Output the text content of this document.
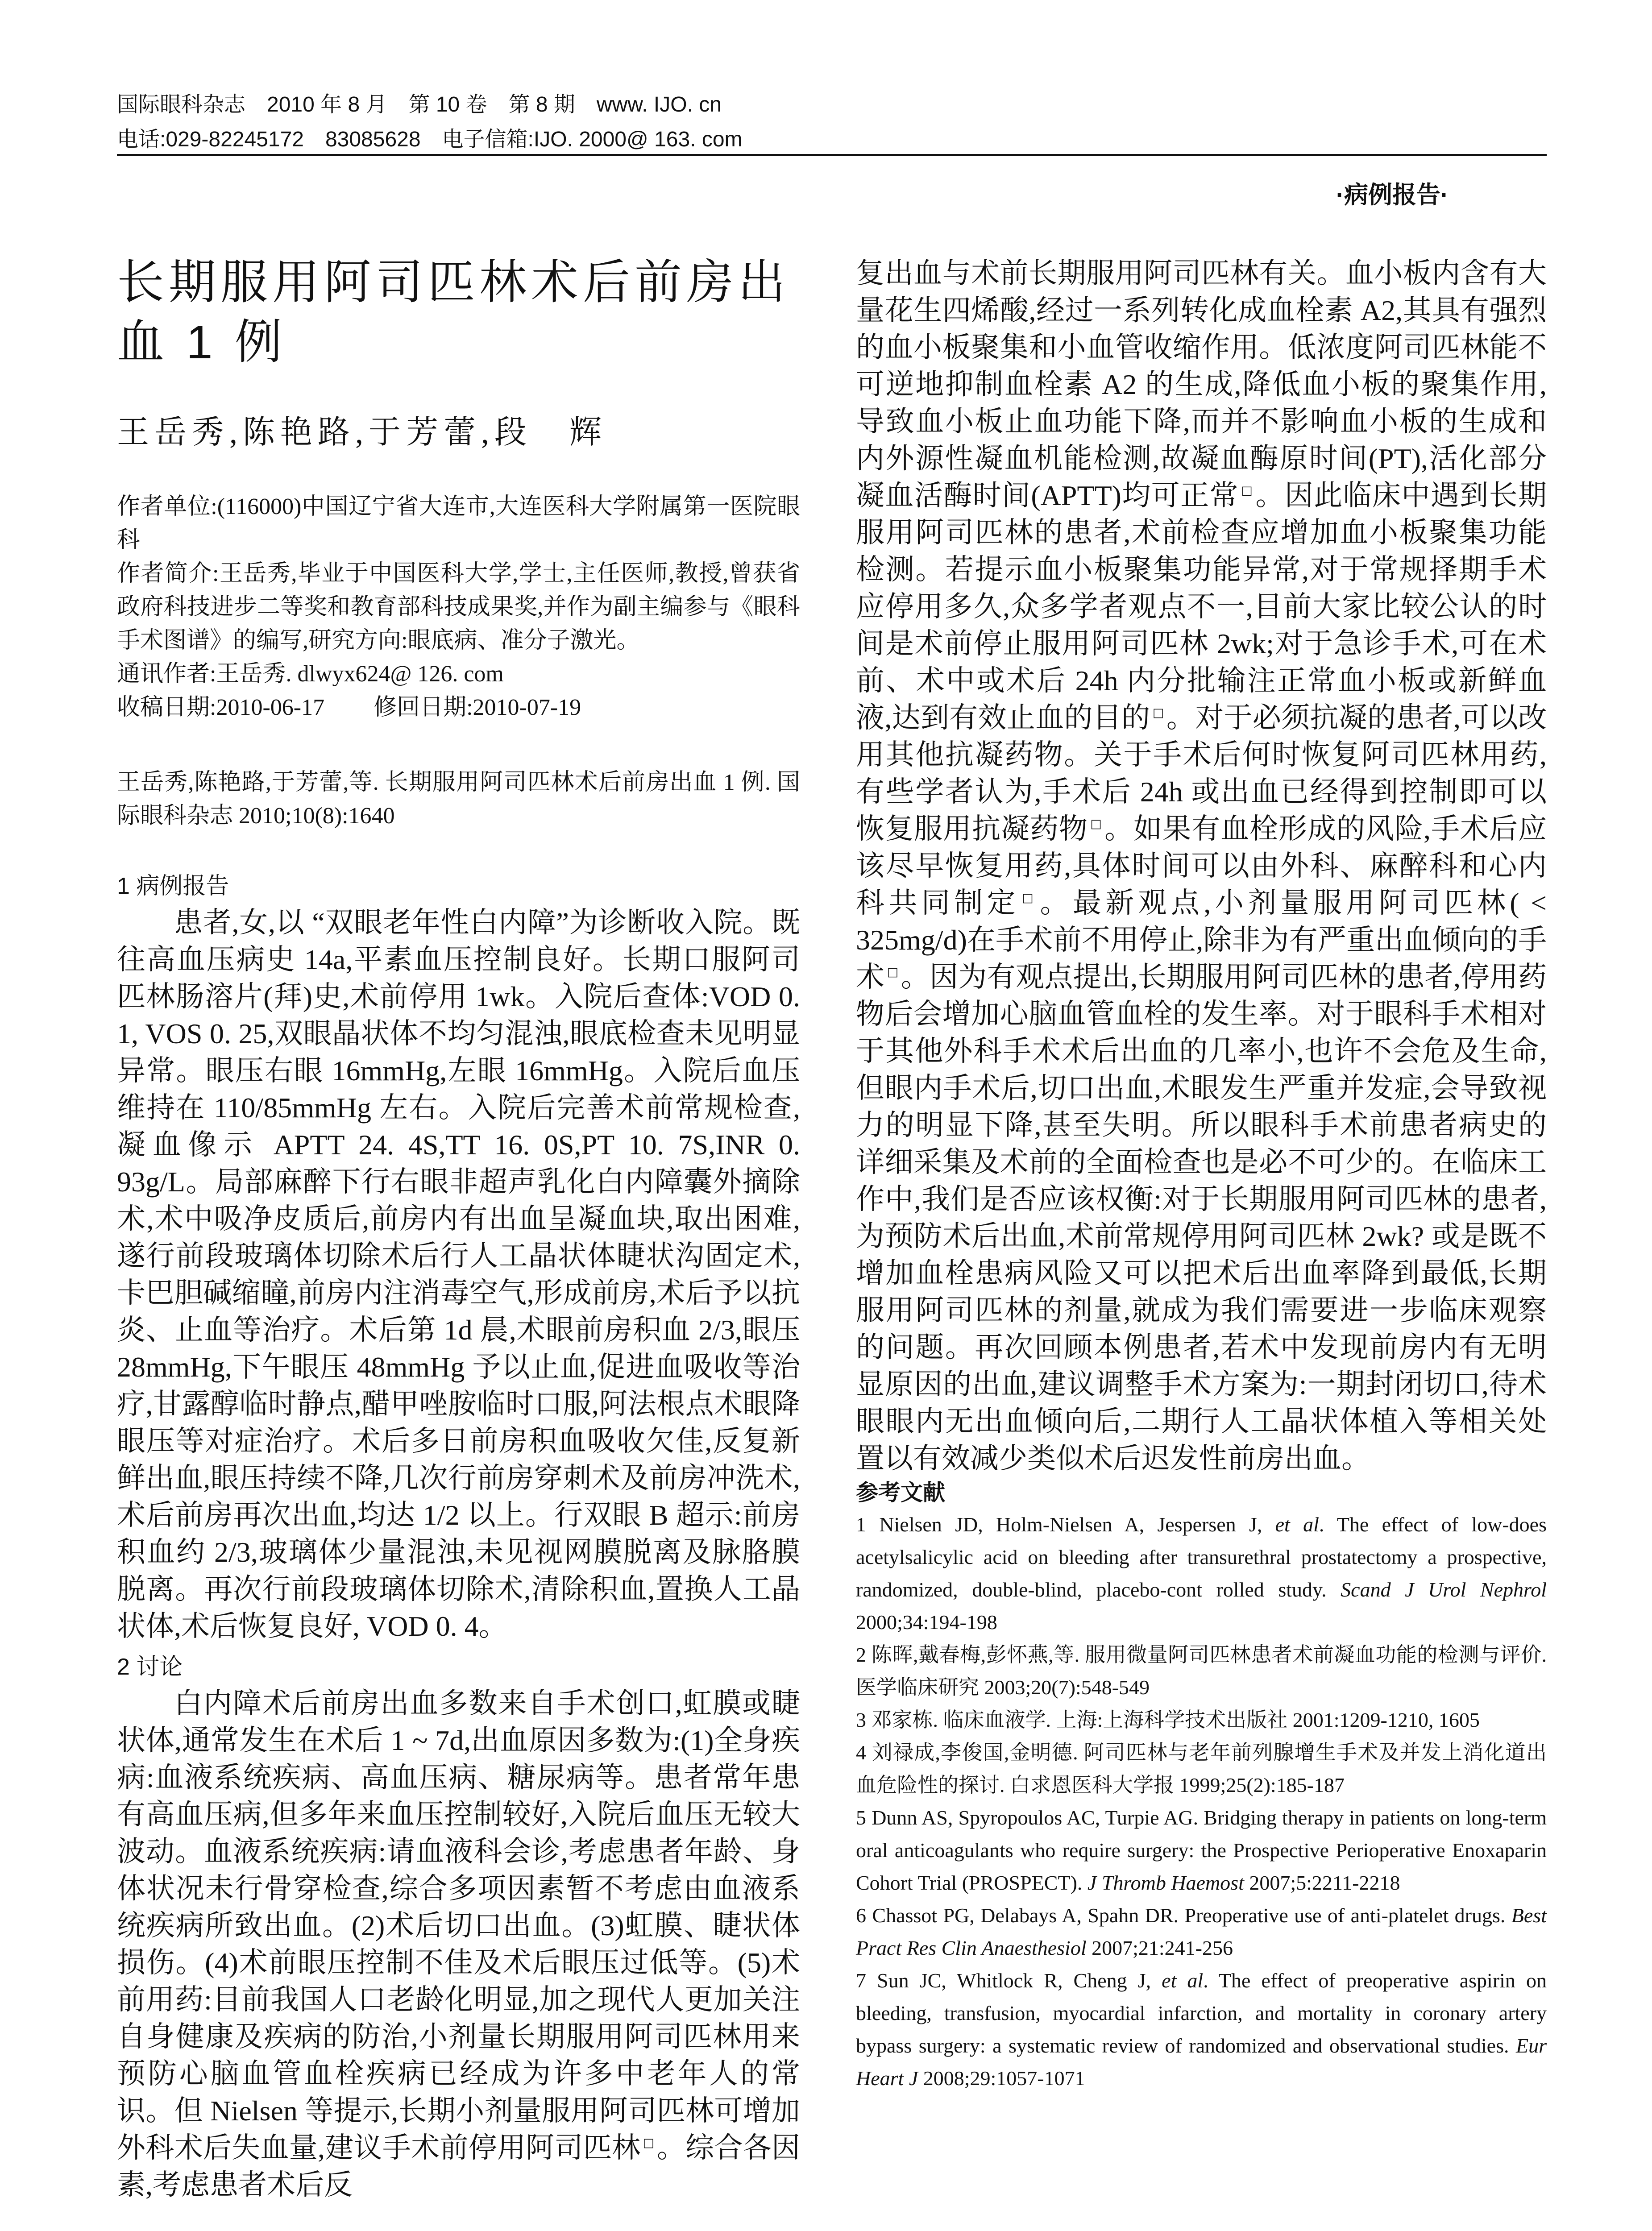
国际眼科杂志　2010 年 8 月　第 10 卷　第 8 期　www. IJO. cn
电话:029-82245172　83085628　电子信箱:IJO. 2000@ 163. com
·病例报告·
长期服用阿司匹林术后前房出血 1 例

王岳秀,陈艳路,于芳蕾,段　辉

作者单位:(116000)中国辽宁省大连市,大连医科大学附属第一医院眼科

作者简介:王岳秀,毕业于中国医科大学,学士,主任医师,教授,曾获省政府科技进步二等奖和教育部科技成果奖,并作为副主编参与《眼科手术图谱》的编写,研究方向:眼底病、准分子激光。

通讯作者:王岳秀. dlwyx624@ 126. com

收稿日期:2010-06-17 修回日期:2010-07-19

王岳秀,陈艳路,于芳蕾,等. 长期服用阿司匹林术后前房出血 1 例. 国际眼科杂志 2010;10(8):1640

1 病例报告

患者,女,以 “双眼老年性白内障”为诊断收入院。既往高血压病史 14a,平素血压控制良好。长期口服阿司匹林肠溶片(拜)史,术前停用 1wk。入院后查体:VOD 0. 1, VOS 0. 25,双眼晶状体不均匀混浊,眼底检查未见明显异常。眼压右眼 16mmHg,左眼 16mmHg。入院后血压维持在 110/85mmHg 左右。入院后完善术前常规检查,凝血像示 APTT 24. 4S,TT 16. 0S,PT 10. 7S,INR 0. 93g/L。局部麻醉下行右眼非超声乳化白内障囊外摘除术,术中吸净皮质后,前房内有出血呈凝血块,取出困难,遂行前段玻璃体切除术后行人工晶状体睫状沟固定术,卡巴胆碱缩瞳,前房内注消毒空气,形成前房,术后予以抗炎、止血等治疗。术后第 1d 晨,术眼前房积血 2/3,眼压 28mmHg,下午眼压 48mmHg 予以止血,促进血吸收等治疗,甘露醇临时静点,醋甲唑胺临时口服,阿法根点术眼降眼压等对症治疗。术后多日前房积血吸收欠佳,反复新鲜出血,眼压持续不降,几次行前房穿刺术及前房冲洗术,术后前房再次出血,均达 1/2 以上。行双眼 B 超示:前房积血约 2/3,玻璃体少量混浊,未见视网膜脱离及脉胳膜脱离。再次行前段玻璃体切除术,清除积血,置换人工晶状体,术后恢复良好, VOD 0. 4。

2 讨论

白内障术后前房出血多数来自手术创口,虹膜或睫状体,通常发生在术后 1 ~ 7d,出血原因多数为:(1)全身疾病:血液系统疾病、高血压病、糖尿病等。患者常年患有高血压病,但多年来血压控制较好,入院后血压无较大波动。血液系统疾病:请血液科会诊,考虑患者年龄、身体状况未行骨穿检查,综合多项因素暂不考虑由血液系统疾病所致出血。(2)术后切口出血。(3)虹膜、睫状体损伤。(4)术前眼压控制不佳及术后眼压过低等。(5)术前用药:目前我国人口老龄化明显,加之现代人更加关注自身健康及疾病的防治,小剂量长期服用阿司匹林用来预防心脑血管血栓疾病已经成为许多中老年人的常识。但 Nielsen 等提示,长期小剂量服用阿司匹林可增加外科术后失血量,建议手术前停用阿司匹林 □。综合各因素,考虑患者术后反

复出血与术前长期服用阿司匹林有关。血小板内含有大量花生四烯酸,经过一系列转化成血栓素 A2,其具有强烈的血小板聚集和小血管收缩作用。低浓度阿司匹林能不可逆地抑制血栓素 A2 的生成,降低血小板的聚集作用,导致血小板止血功能下降,而并不影响血小板的生成和内外源性凝血机能检测,故凝血酶原时间(PT),活化部分凝血活酶时间(APTT)均可正常 □。因此临床中遇到长期服用阿司匹林的患者,术前检查应增加血小板聚集功能检测。若提示血小板聚集功能异常,对于常规择期手术应停用多久,众多学者观点不一,目前大家比较公认的时间是术前停止服用阿司匹林 2wk;对于急诊手术,可在术前、术中或术后 24h 内分批输注正常血小板或新鲜血液,达到有效止血的目的 □。对于必须抗凝的患者,可以改用其他抗凝药物。关于手术后何时恢复阿司匹林用药,有些学者认为,手术后 24h 或出血已经得到控制即可以恢复服用抗凝药物 □。如果有血栓形成的风险,手术后应该尽早恢复用药,具体时间可以由外科、麻醉科和心内科共同制定 □。最新观点,小剂量服用阿司匹林( < 325mg/d)在手术前不用停止,除非为有严重出血倾向的手术 □。因为有观点提出,长期服用阿司匹林的患者,停用药物后会增加心脑血管血栓的发生率。对于眼科手术相对于其他外科手术术后出血的几率小,也许不会危及生命,但眼内手术后,切口出血,术眼发生严重并发症,会导致视力的明显下降,甚至失明。所以眼科手术前患者病史的详细采集及术前的全面检查也是必不可少的。在临床工作中,我们是否应该权衡:对于长期服用阿司匹林的患者,为预防术后出血,术前常规停用阿司匹林 2wk? 或是既不增加血栓患病风险又可以把术后出血率降到最低,长期服用阿司匹林的剂量,就成为我们需要进一步临床观察的问题。再次回顾本例患者,若术中发现前房内有无明显原因的出血,建议调整手术方案为:一期封闭切口,待术眼眼内无出血倾向后,二期行人工晶状体植入等相关处置以有效减少类似术后迟发性前房出血。

参考文献

1 Nielsen JD, Holm-Nielsen A, Jespersen J, et al. The effect of low-does acetylsalicylic acid on bleeding after transurethral prostatectomy a prospective, randomized, double-blind, placebo-cont rolled study. Scand J Urol Nephrol 2000;34:194-198

2 陈晖,戴春梅,彭怀燕,等. 服用微量阿司匹林患者术前凝血功能的检测与评价. 医学临床研究 2003;20(7):548-549

3 邓家栋. 临床血液学. 上海:上海科学技术出版社 2001:1209-1210, 1605

4 刘禄成,李俊国,金明德. 阿司匹林与老年前列腺增生手术及并发上消化道出血危险性的探讨. 白求恩医科大学报 1999;25(2):185-187

5 Dunn AS, Spyropoulos AC, Turpie AG. Bridging therapy in patients on long-term oral anticoagulants who require surgery: the Prospective Perioperative Enoxaparin Cohort Trial (PROSPECT). J Thromb Haemost 2007;5:2211-2218

6 Chassot PG, Delabays A, Spahn DR. Preoperative use of anti-platelet drugs. Best Pract Res Clin Anaesthesiol 2007;21:241-256

7 Sun JC, Whitlock R, Cheng J, et al. The effect of preoperative aspirin on bleeding, transfusion, myocardial infarction, and mortality in coronary artery bypass surgery: a systematic review of randomized and observational studies. Eur Heart J 2008;29:1057-1071
